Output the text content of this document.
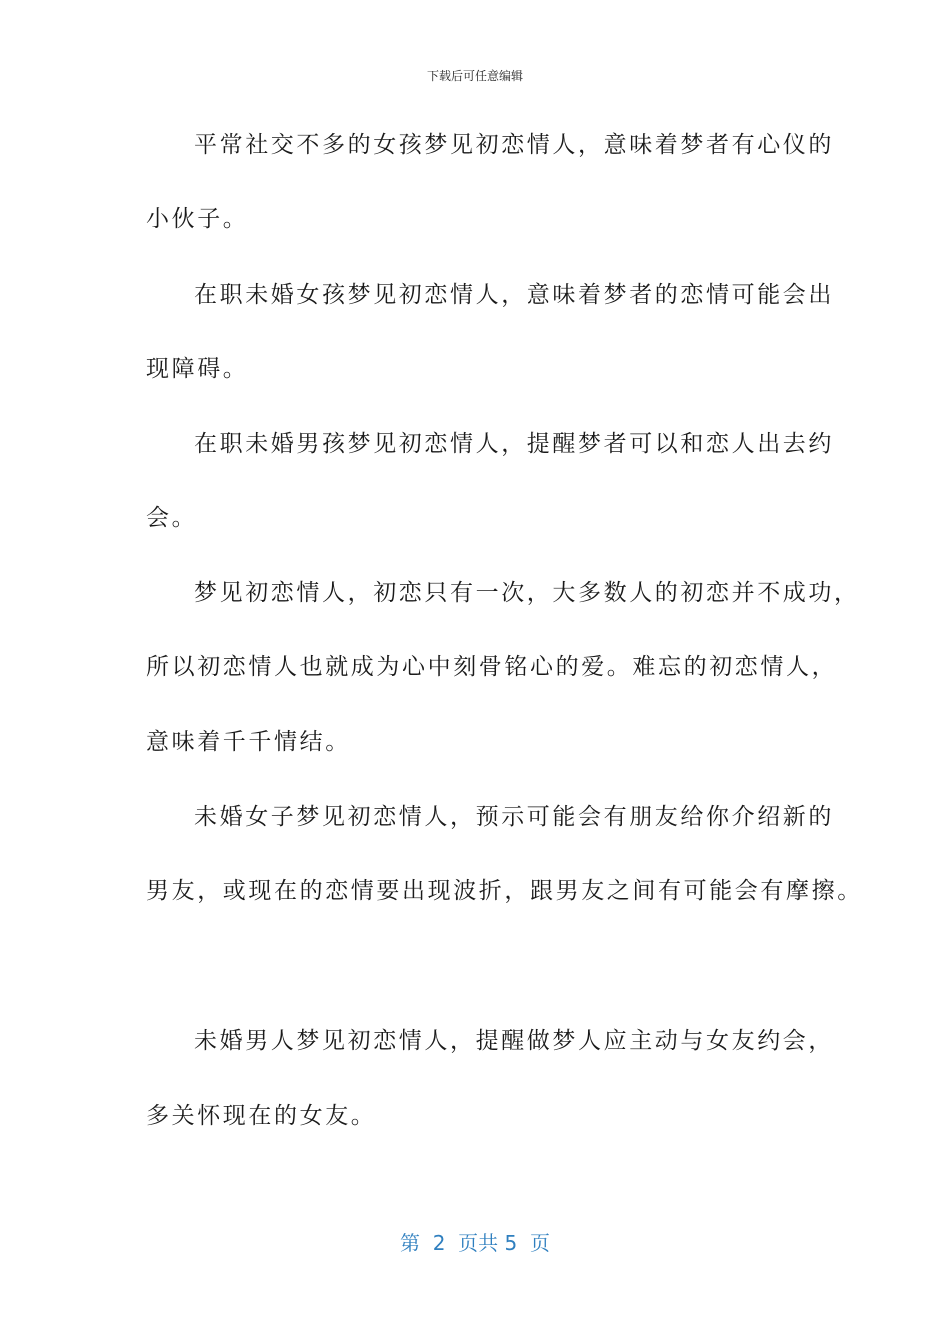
下载后可任意编辑
平常社交不多的女孩梦见初恋情人，意味着梦者有心仪的
小伙子。
在职未婚女孩梦见初恋情人，意味着梦者的恋情可能会出
现障碍。
在职未婚男孩梦见初恋情人，提醒梦者可以和恋人出去约
会。
梦见初恋情人，初恋只有一次，大多数人的初恋并不成功，
所以初恋情人也就成为心中刻骨铭心的爱。难忘的初恋情人，
意味着千千情结。
未婚女子梦见初恋情人，预示可能会有朋友给你介绍新的
男友，或现在的恋情要出现波折，跟男友之间有可能会有摩擦。
未婚男人梦见初恋情人，提醒做梦人应主动与女友约会，
多关怀现在的女友。
第  2  页共 5  页
